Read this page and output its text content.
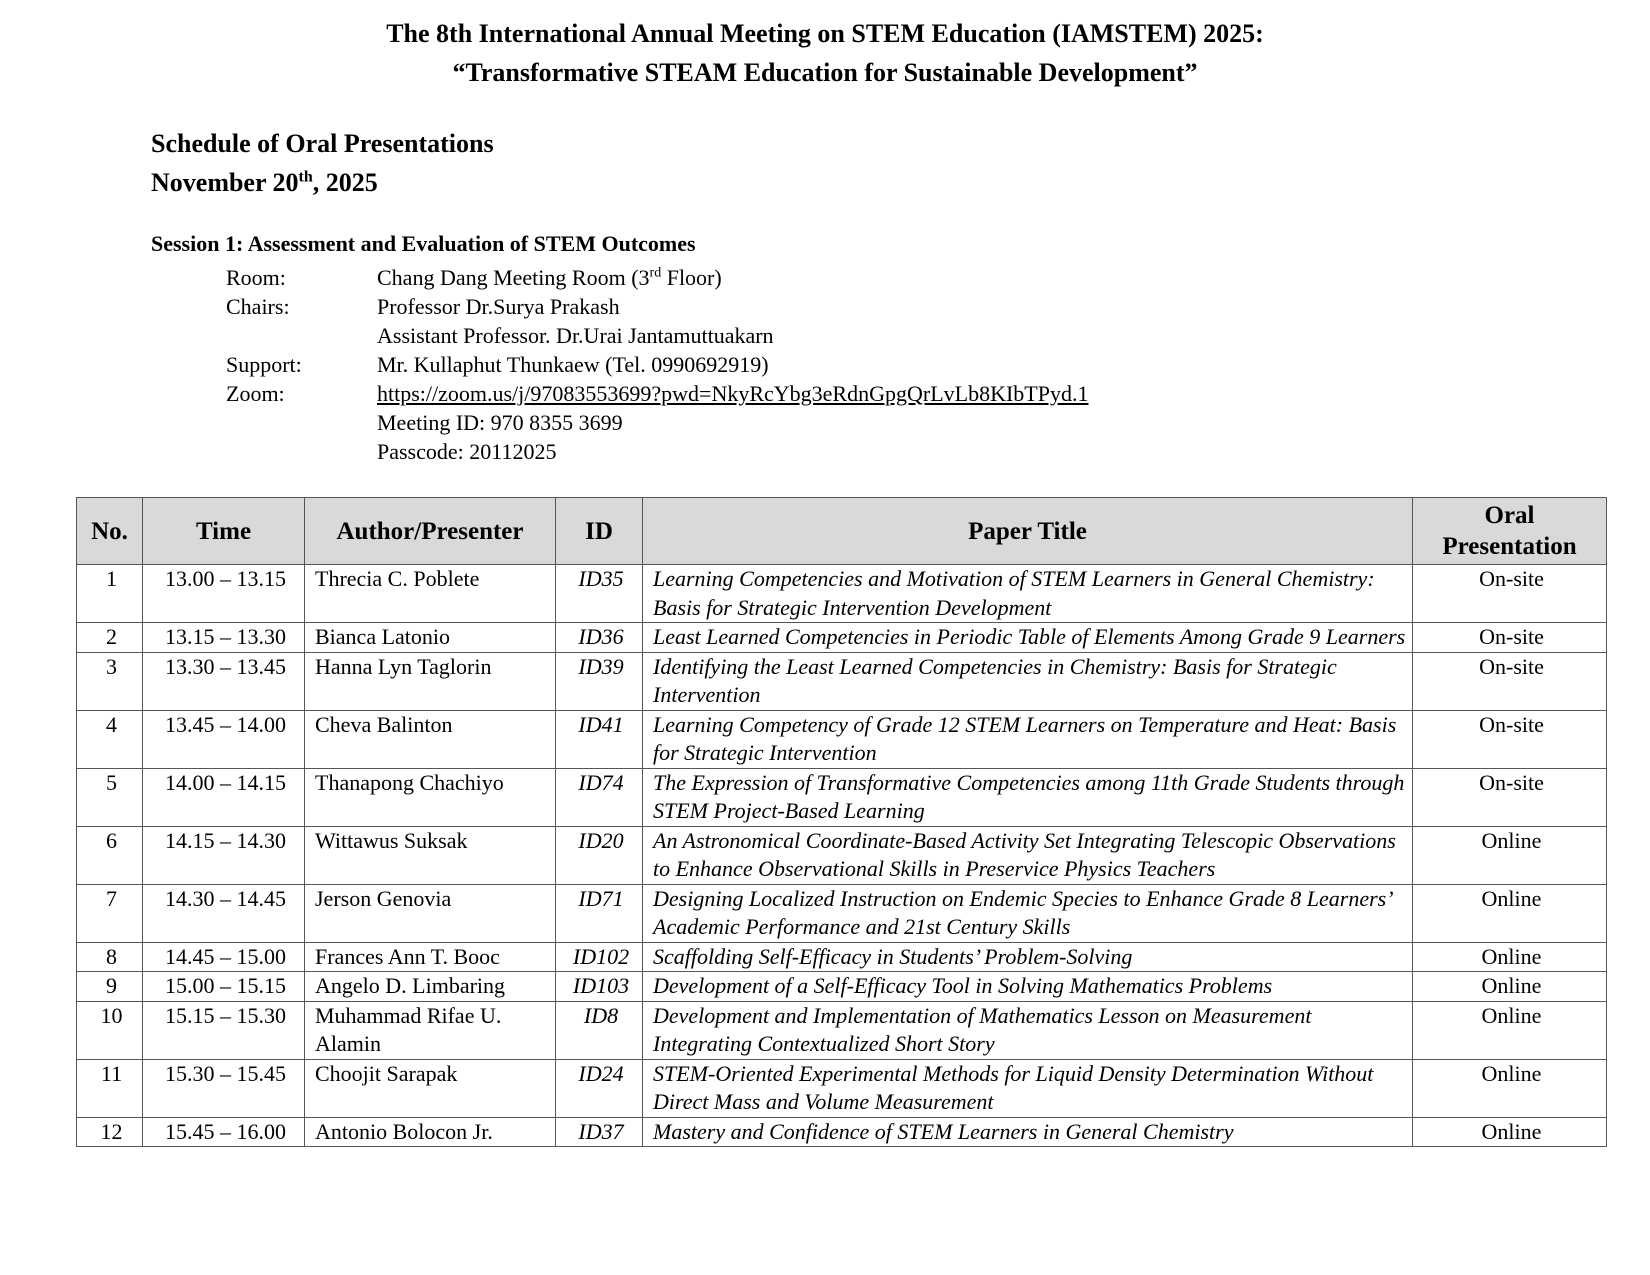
The 8th International Annual Meeting on STEM Education (IAMSTEM) 2025:
“Transformative STEAM Education for Sustainable Development”
Schedule of Oral Presentations
November 20th, 2025
Session 1: Assessment and Evaluation of STEM Outcomes
Room:	Chang Dang Meeting Room (3rd Floor)
Chairs:	Professor Dr.Surya Prakash
Assistant Professor. Dr.Urai Jantamuttuakarn
Support:	Mr. Kullaphut Thunkaew (Tel. 0990692919)
Zoom:	https://zoom.us/j/97083553699?pwd=NkyRcYbg3eRdnGpgQrLvLb8KIbTPyd.1
Meeting ID: 970 8355 3699
Passcode: 20112025
No.	Time	Author/Presenter	ID	Paper Title	Oral
Presentation

1	13.00 – 13.15	Threcia C. Poblete	ID35	Learning Competencies and Motivation of STEM Learners in General Chemistry: Basis for Strategic Intervention Development	On-site
2	13.15 – 13.30	Bianca Latonio	ID36	Least Learned Competencies in Periodic Table of Elements Among Grade 9 Learners	On-site
3	13.30 – 13.45	Hanna Lyn Taglorin	ID39	Identifying the Least Learned Competencies in Chemistry: Basis for Strategic Intervention	On-site
4	13.45 – 14.00	Cheva Balinton	ID41	Learning Competency of Grade 12 STEM Learners on Temperature and Heat: Basis for Strategic Intervention	On-site
5	14.00 – 14.15	Thanapong Chachiyo	ID74	The Expression of Transformative Competencies among 11th Grade Students through STEM Project-Based Learning	On-site
6	14.15 – 14.30	Wittawus Suksak	ID20	An Astronomical Coordinate-Based Activity Set Integrating Telescopic Observations to Enhance Observational Skills in Preservice Physics Teachers	Online
7	14.30 – 14.45	Jerson Genovia	ID71	Designing Localized Instruction on Endemic Species to Enhance Grade 8 Learners’ Academic Performance and 21st Century Skills	Online
8	14.45 – 15.00	Frances Ann T. Booc	ID102	Scaffolding Self-Efficacy in Students’ Problem-Solving	Online
9	15.00 – 15.15	Angelo D. Limbaring	ID103	Development of a Self-Efficacy Tool in Solving Mathematics Problems	Online
10	15.15 – 15.30	Muhammad Rifae U. Alamin	ID8	Development and Implementation of Mathematics Lesson on Measurement Integrating Contextualized Short Story	Online
11	15.30 – 15.45	Choojit Sarapak	ID24	STEM-Oriented Experimental Methods for Liquid Density Determination Without Direct Mass and Volume Measurement	Online
12	15.45 – 16.00	Antonio Bolocon Jr.	ID37	Mastery and Confidence of STEM Learners in General Chemistry	Online
